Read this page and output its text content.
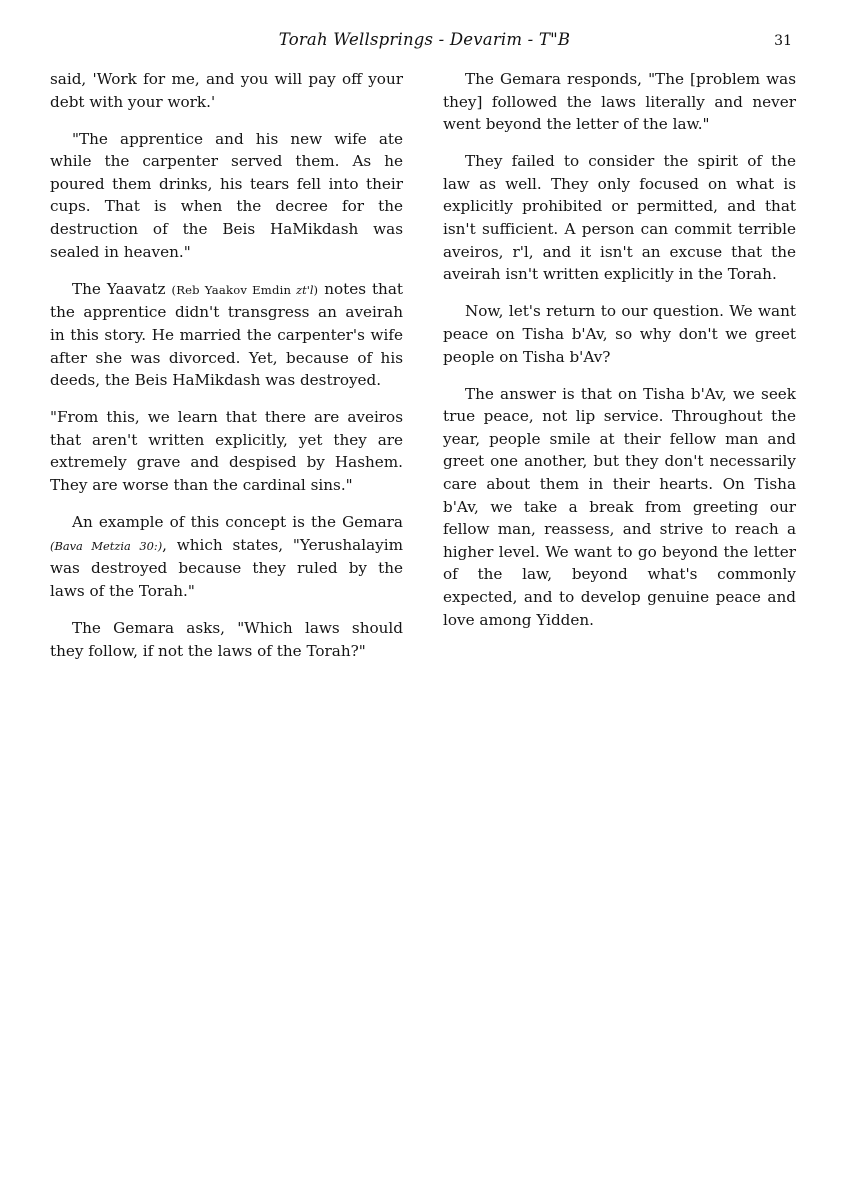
Torah Wellsprings - Devarim - T"B	31

said, 'Work for me, and you will pay off your debt with your work.'

"The apprentice and his new wife ate while the carpenter served them. As he poured them drinks, his tears fell into their cups. That is when the decree for the destruction of the Beis HaMikdash was sealed in heaven."

The Yaavatz (Reb Yaakov Emdin zt'l) notes that the apprentice didn't transgress an aveirah in this story. He married the carpenter's wife after she was divorced. Yet, because of his deeds, the Beis HaMikdash was destroyed.

"From this, we learn that there are aveiros that aren't written explicitly, yet they are extremely grave and despised by Hashem. They are worse than the cardinal sins."

An example of this concept is the Gemara (Bava Metzia 30:), which states, "Yerushalayim was destroyed because they ruled by the laws of the Torah."

The Gemara asks, "Which laws should they follow, if not the laws of the Torah?"

The Gemara responds, "The [problem was they] followed the laws literally and never went beyond the letter of the law."

They failed to consider the spirit of the law as well. They only focused on what is explicitly prohibited or permitted, and that isn't sufficient. A person can commit terrible aveiros, r'l, and it isn't an excuse that the aveirah isn't written explicitly in the Torah.

Now, let's return to our question. We want peace on Tisha b'Av, so why don't we greet people on Tisha b'Av?

The answer is that on Tisha b'Av, we seek true peace, not lip service. Throughout the year, people smile at their fellow man and greet one another, but they don't necessarily care about them in their hearts. On Tisha b'Av, we take a break from greeting our fellow man, reassess, and strive to reach a higher level. We want to go beyond the letter of the law, beyond what's commonly expected, and to develop genuine peace and love among Yidden.
